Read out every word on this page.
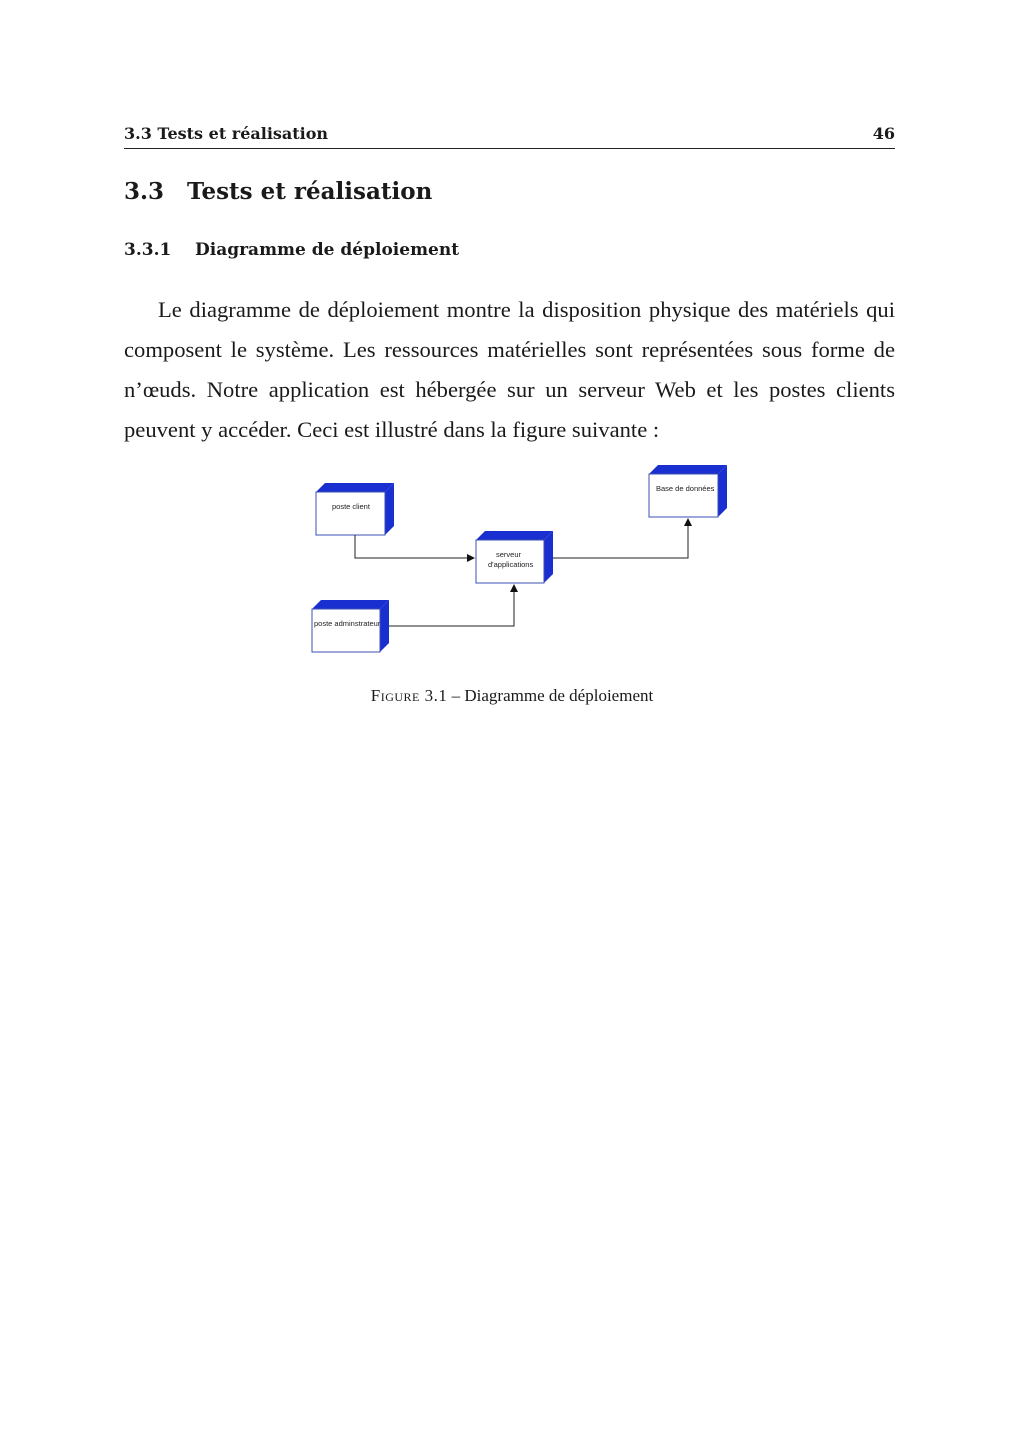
3.3 Tests et réalisation	46
3.3 Tests et réalisation
3.3.1 Diagramme de déploiement

Le diagramme de déploiement montre la disposition physique des matériels qui composent le système. Les ressources matérielles sont représentées sous forme de n’œuds. Notre application est hébergée sur un serveur Web et les postes clients peuvent y accéder. Ceci est illustré dans la figure suivante :

poste client
serveur
d'applications
Base de données
poste adminstrateur
Figure 3.1 – Diagramme de déploiement
